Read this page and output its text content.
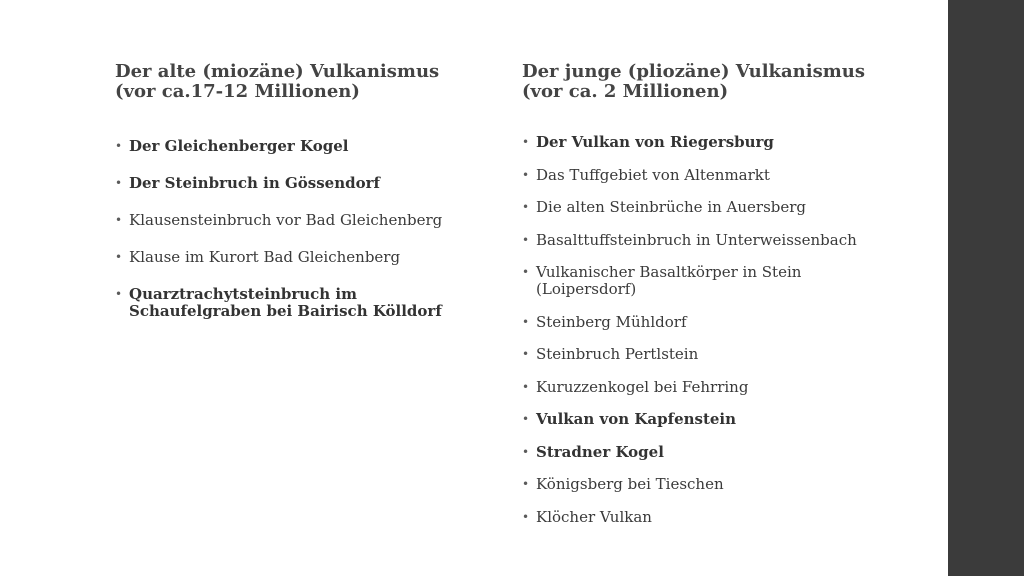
Der alte (miozäne) Vulkanismus
(vor ca.17-12 Millionen)
• Der Gleichenberger Kogel
• Der Steinbruch in Gössendorf
• Klausensteinbruch vor Bad Gleichenberg
• Klause im Kurort Bad Gleichenberg
• Quarztrachytsteinbruch im
Schaufelgraben bei Bairisch Kölldorf
Der junge (pliozäne) Vulkanismus
(vor ca. 2 Millionen)
• Der Vulkan von Riegersburg
• Das Tuffgebiet von Altenmarkt
• Die alten Steinbrüche in Auersberg
• Basalttuffsteinbruch in Unterweissenbach
• Vulkanischer Basaltkörper in Stein
(Loipersdorf)
• Steinberg Mühldorf
• Steinbruch Pertlstein
• Kuruzzenkogel bei Fehrring
• Vulkan von Kapfenstein
• Stradner Kogel
• Königsberg bei Tieschen
• Klöcher Vulkan
